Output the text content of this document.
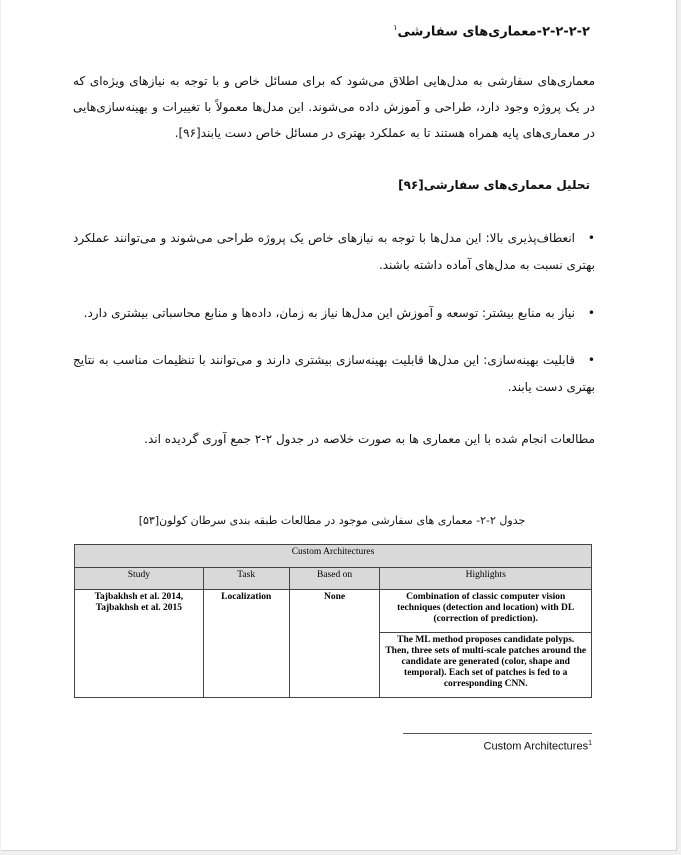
۲-۲-۲-۲-معماری‌های سفارشی$^۱$
معماری‌های سفارشی به مدل‌هایی اطلاق می‌شود که برای مسائل خاص و با توجه به نیازهای ویژه‌ای که در یک پروژه وجود دارد، طراحی و آموزش داده می‌شوند. این مدل‌ها معمولاً با تغییرات و بهینه‌سازی‌هایی در معماری‌های پایه همراه هستند تا به عملکرد بهتری در مسائل خاص دست یابند[۹۶].
تحلیل معماری‌های سفارشی[۹۶]
•انعطاف‌پذیری بالا: این مدل‌ها با توجه به نیازهای خاص یک پروژه طراحی می‌شوند و می‌توانند عملکرد بهتری نسبت به مدل‌های آماده داشته باشند.
•نیاز به منابع بیشتر: توسعه و آموزش این مدل‌ها نیاز به زمان، داده‌ها و منابع محاسباتی بیشتری دارد.
•قابلیت بهینه‌سازی: این مدل‌ها قابلیت بهینه‌سازی بیشتری دارند و می‌توانند با تنظیمات مناسب به نتایج بهتری دست یابند.
مطالعات انجام شده با این معماری ها به صورت خلاصه در جدول ۲-۲ جمع آوری گردیده اند.
جدول ۲-۲- معماری های سفارشی موجود در مطالعات طبقه بندی سرطان کولون[۵۳]
Custom Architectures			
Study	Task	Based on	Highlights
Tajbakhsh et al. 2014, Tajbakhsh et al. 2015	Localization	None	Combination of classic computer vision techniques (detection and location) with DL (correction of prediction).
			The ML method proposes candidate polyps. Then, three sets of multi-scale patches around the candidate are generated (color, shape and temporal). Each set of patches is fed to a corresponding CNN.
Custom Architectures$^1$
